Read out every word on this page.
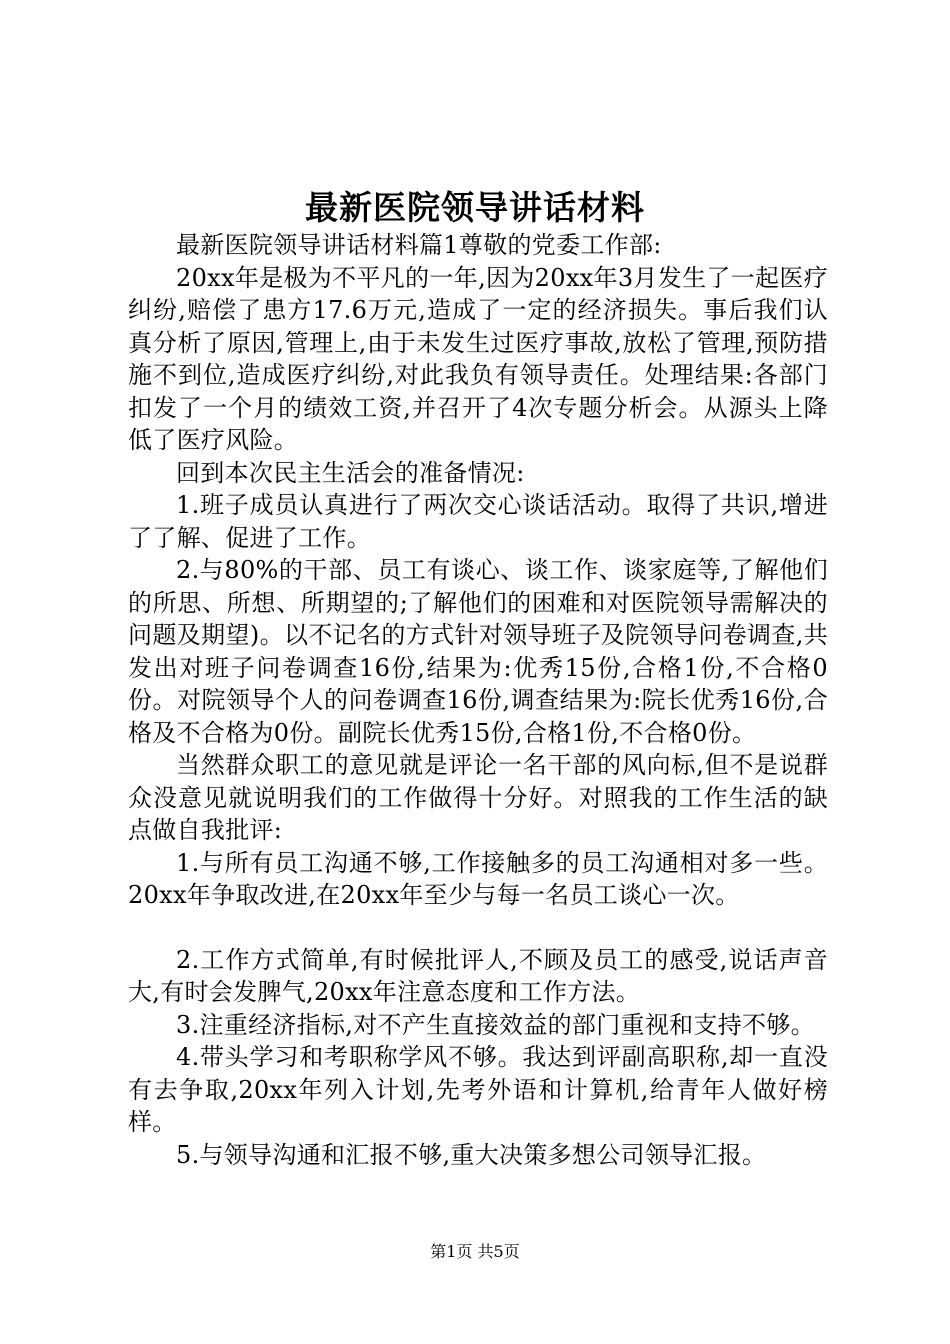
最新医院领导讲话材料

最新医院领导讲话材料篇1尊敬的党委工作部:

20xx年是极为不平凡的一年,因为20xx年3月发生了一起医疗纠纷,赔偿了患方17.6万元,造成了一定的经济损失。事后我们认真分析了原因,管理上,由于未发生过医疗事故,放松了管理,预防措施不到位,造成医疗纠纷,对此我负有领导责任。处理结果:各部门扣发了一个月的绩效工资,并召开了4次专题分析会。从源头上降低了医疗风险。

回到本次民主生活会的准备情况:

1.班子成员认真进行了两次交心谈话活动。取得了共识,增进了了解、促进了工作。

2.与80%的干部、员工有谈心、谈工作、谈家庭等,了解他们的所思、所想、所期望的;了解他们的困难和对医院领导需解决的问题及期望)。以不记名的方式针对领导班子及院领导问卷调查,共发出对班子问卷调查16份,结果为:优秀15份,合格1份,不合格0份。对院领导个人的问卷调查16份,调查结果为:院长优秀16份,合格及不合格为0份。副院长优秀15份,合格1份,不合格0份。

当然群众职工的意见就是评论一名干部的风向标,但不是说群众没意见就说明我们的工作做得十分好。对照我的工作生活的缺点做自我批评:

1.与所有员工沟通不够,工作接触多的员工沟通相对多一些。20xx年争取改进,在20xx年至少与每一名员工谈心一次。

2.工作方式简单,有时候批评人,不顾及员工的感受,说话声音大,有时会发脾气,20xx年注意态度和工作方法。

3.注重经济指标,对不产生直接效益的部门重视和支持不够。

4.带头学习和考职称学风不够。我达到评副高职称,却一直没有去争取,20xx年列入计划,先考外语和计算机,给青年人做好榜样。

5.与领导沟通和汇报不够,重大决策多想公司领导汇报。

第1页 共5页
